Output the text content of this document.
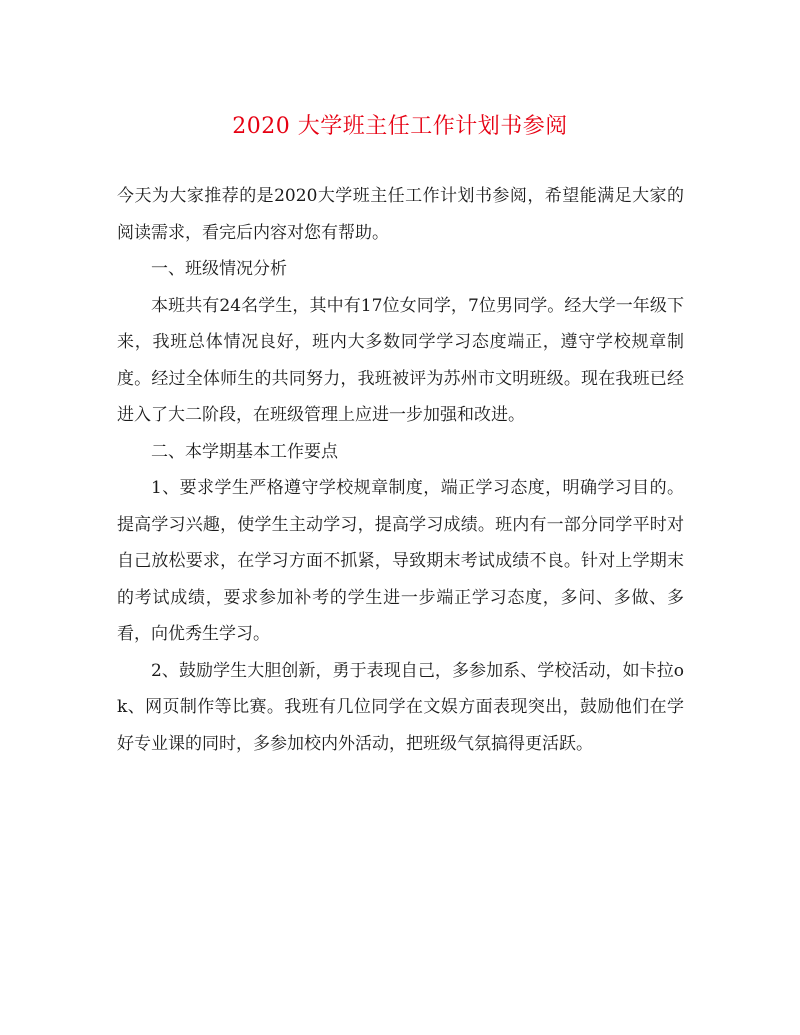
2020 大学班主任工作计划书参阅

今天为大家推荐的是2020大学班主任工作计划书参阅，希望能满足大家的阅读需求，看完后内容对您有帮助。

一、班级情况分析

本班共有24名学生，其中有17位女同学，7位男同学。经大学一年级下来，我班总体情况良好，班内大多数同学学习态度端正，遵守学校规章制度。经过全体师生的共同努力，我班被评为苏州市文明班级。现在我班已经进入了大二阶段，在班级管理上应进一步加强和改进。

二、本学期基本工作要点

1、要求学生严格遵守学校规章制度，端正学习态度，明确学习目的。提高学习兴趣，使学生主动学习，提高学习成绩。班内有一部分同学平时对自己放松要求，在学习方面不抓紧，导致期末考试成绩不良。针对上学期末的考试成绩，要求参加补考的学生进一步端正学习态度，多问、多做、多看，向优秀生学习。

2、鼓励学生大胆创新，勇于表现自己，多参加系、学校活动，如卡拉ok、网页制作等比赛。我班有几位同学在文娱方面表现突出，鼓励他们在学好专业课的同时，多参加校内外活动，把班级气氛搞得更活跃。
